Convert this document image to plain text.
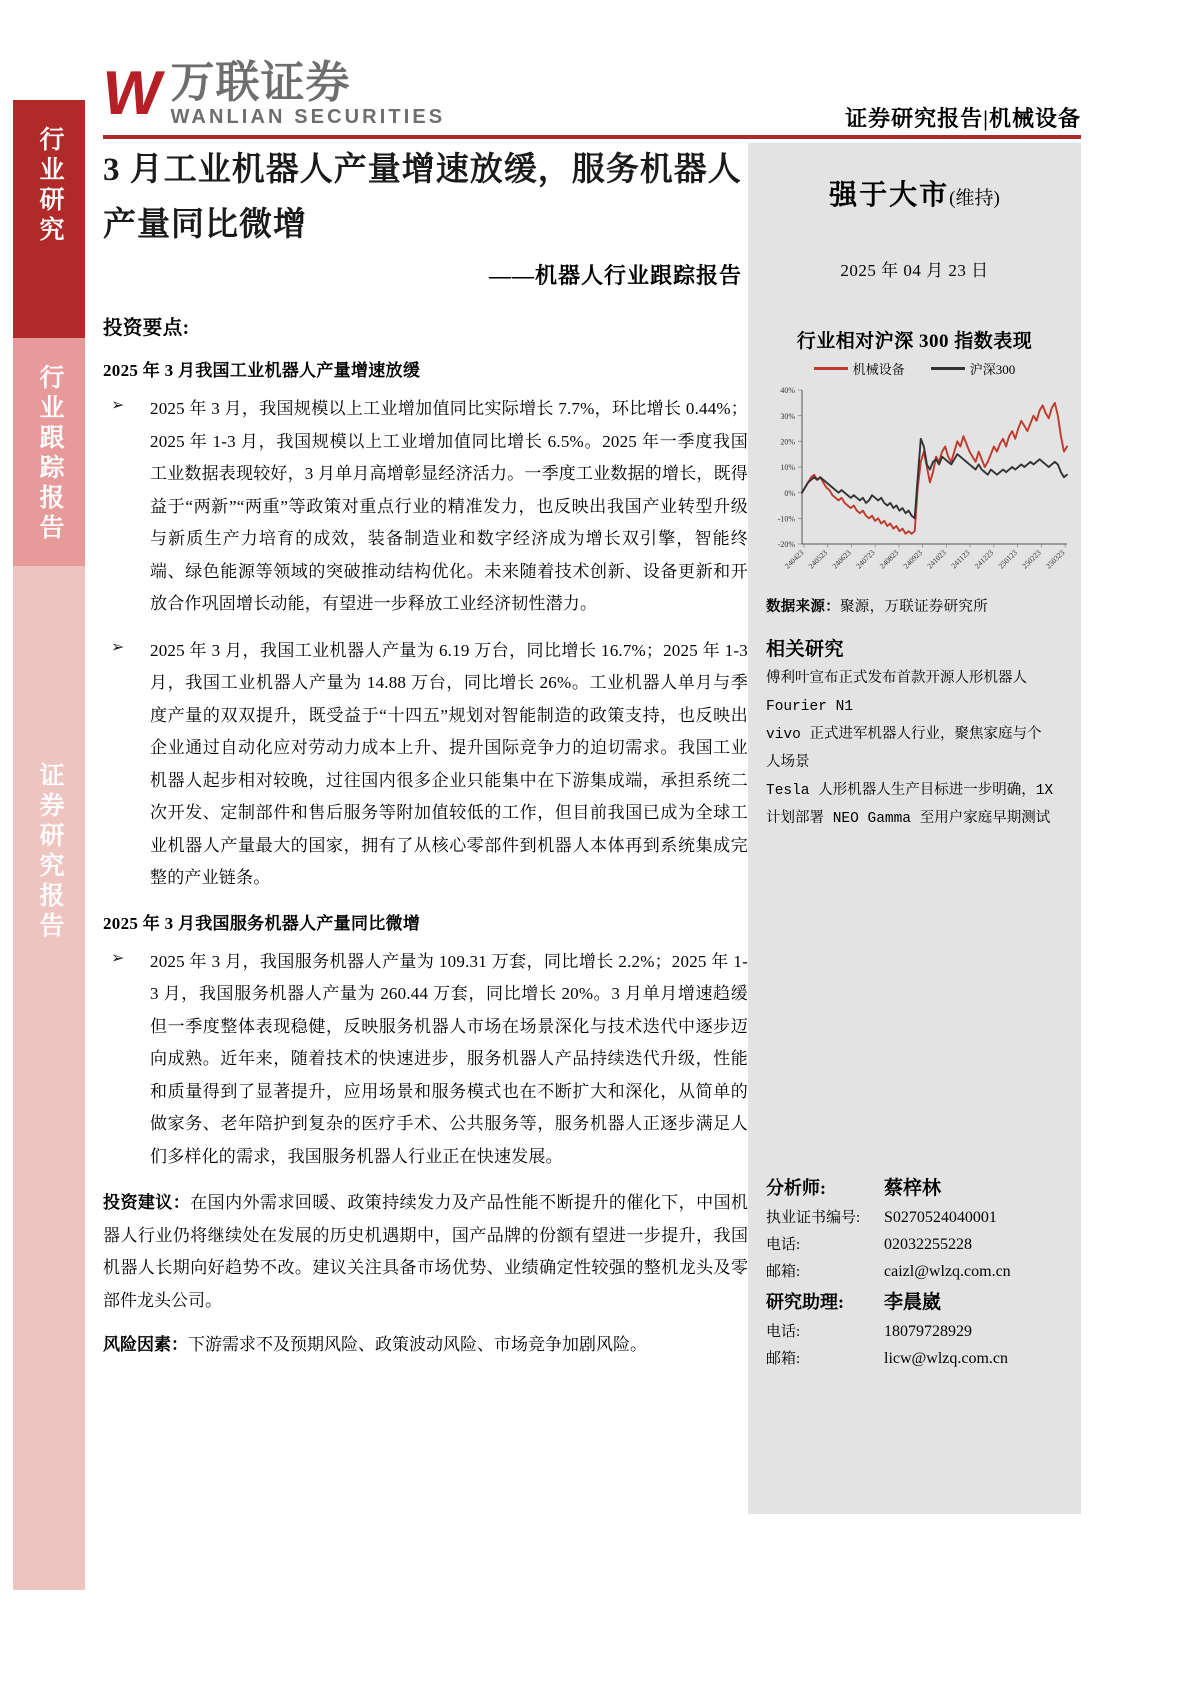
行业研究
行业跟踪报告
证券研究报告
W 万联证券
WANLIAN SECURITIES	证券研究报告|机械设备
3 月工业机器人产量增速放缓，服务机器人产量同比微增
——机器人行业跟踪报告
强于大市(维持)
2025 年 04 月 23 日
投资要点:
2025 年 3 月我国工业机器人产量增速放缓
➢ 2025 年 3 月，我国规模以上工业增加值同比实际增长 7.7%，环比增长 0.44%；2025 年 1-3 月，我国规模以上工业增加值同比增长 6.5%。2025 年一季度我国工业数据表现较好，3 月单月高增彰显经济活力。一季度工业数据的增长，既得益于“两新”“两重”等政策对重点行业的精准发力，也反映出我国产业转型升级与新质生产力培育的成效，装备制造业和数字经济成为增长双引擎，智能终端、绿色能源等领域的突破推动结构优化。未来随着技术创新、设备更新和开放合作巩固增长动能，有望进一步释放工业经济韧性潜力。
➢ 2025 年 3 月，我国工业机器人产量为 6.19 万台，同比增长 16.7%；2025 年 1-3 月，我国工业机器人产量为 14.88 万台，同比增长 26%。工业机器人单月与季度产量的双双提升，既受益于“十四五”规划对智能制造的政策支持，也反映出企业通过自动化应对劳动力成本上升、提升国际竞争力的迫切需求。我国工业机器人起步相对较晚，过往国内很多企业只能集中在下游集成端，承担系统二次开发、定制部件和售后服务等附加值较低的工作，但目前我国已成为全球工业机器人产量最大的国家，拥有了从核心零部件到机器人本体再到系统集成完整的产业链条。
2025 年 3 月我国服务机器人产量同比微增
➢ 2025 年 3 月，我国服务机器人产量为 109.31 万套，同比增长 2.2%；2025 年 1-3 月，我国服务机器人产量为 260.44 万套，同比增长 20%。3 月单月增速趋缓但一季度整体表现稳健，反映服务机器人市场在场景深化与技术迭代中逐步迈向成熟。近年来，随着技术的快速进步，服务机器人产品持续迭代升级，性能和质量得到了显著提升，应用场景和服务模式也在不断扩大和深化，从简单的做家务、老年陪护到复杂的医疗手术、公共服务等，服务机器人正逐步满足人们多样化的需求，我国服务机器人行业正在快速发展。
投资建议：在国内外需求回暖、政策持续发力及产品性能不断提升的催化下，中国机器人行业仍将继续处在发展的历史机遇期中，国产品牌的份额有望进一步提升，我国机器人长期向好趋势不改。建议关注具备市场优势、业绩确定性较强的整机龙头及零部件龙头公司。
风险因素：下游需求不及预期风险、政策波动风险、市场竞争加剧风险。
行业相对沪深 300 指数表现
机械设备	沪深300
40%
30%
20%
10%
0%
-10%
-20%
240423 240523 240623 240723 240823 240923 241023 241123 241223 250123 250223 250323
数据来源：聚源，万联证券研究所
相关研究
傅利叶宣布正式发布首款开源人形机器人
Fourier N1
vivo 正式进军机器人行业，聚焦家庭与个
人场景
Tesla 人形机器人生产目标进一步明确，1X
计划部署 NEO Gamma 至用户家庭早期测试
分析师:	蔡梓林
执业证书编号:	S0270524040001
电话:	02032255228
邮箱:	caizl@wlzq.com.cn
研究助理:	李晨崴
电话:	18079728929
邮箱:	licw@wlzq.com.cn
